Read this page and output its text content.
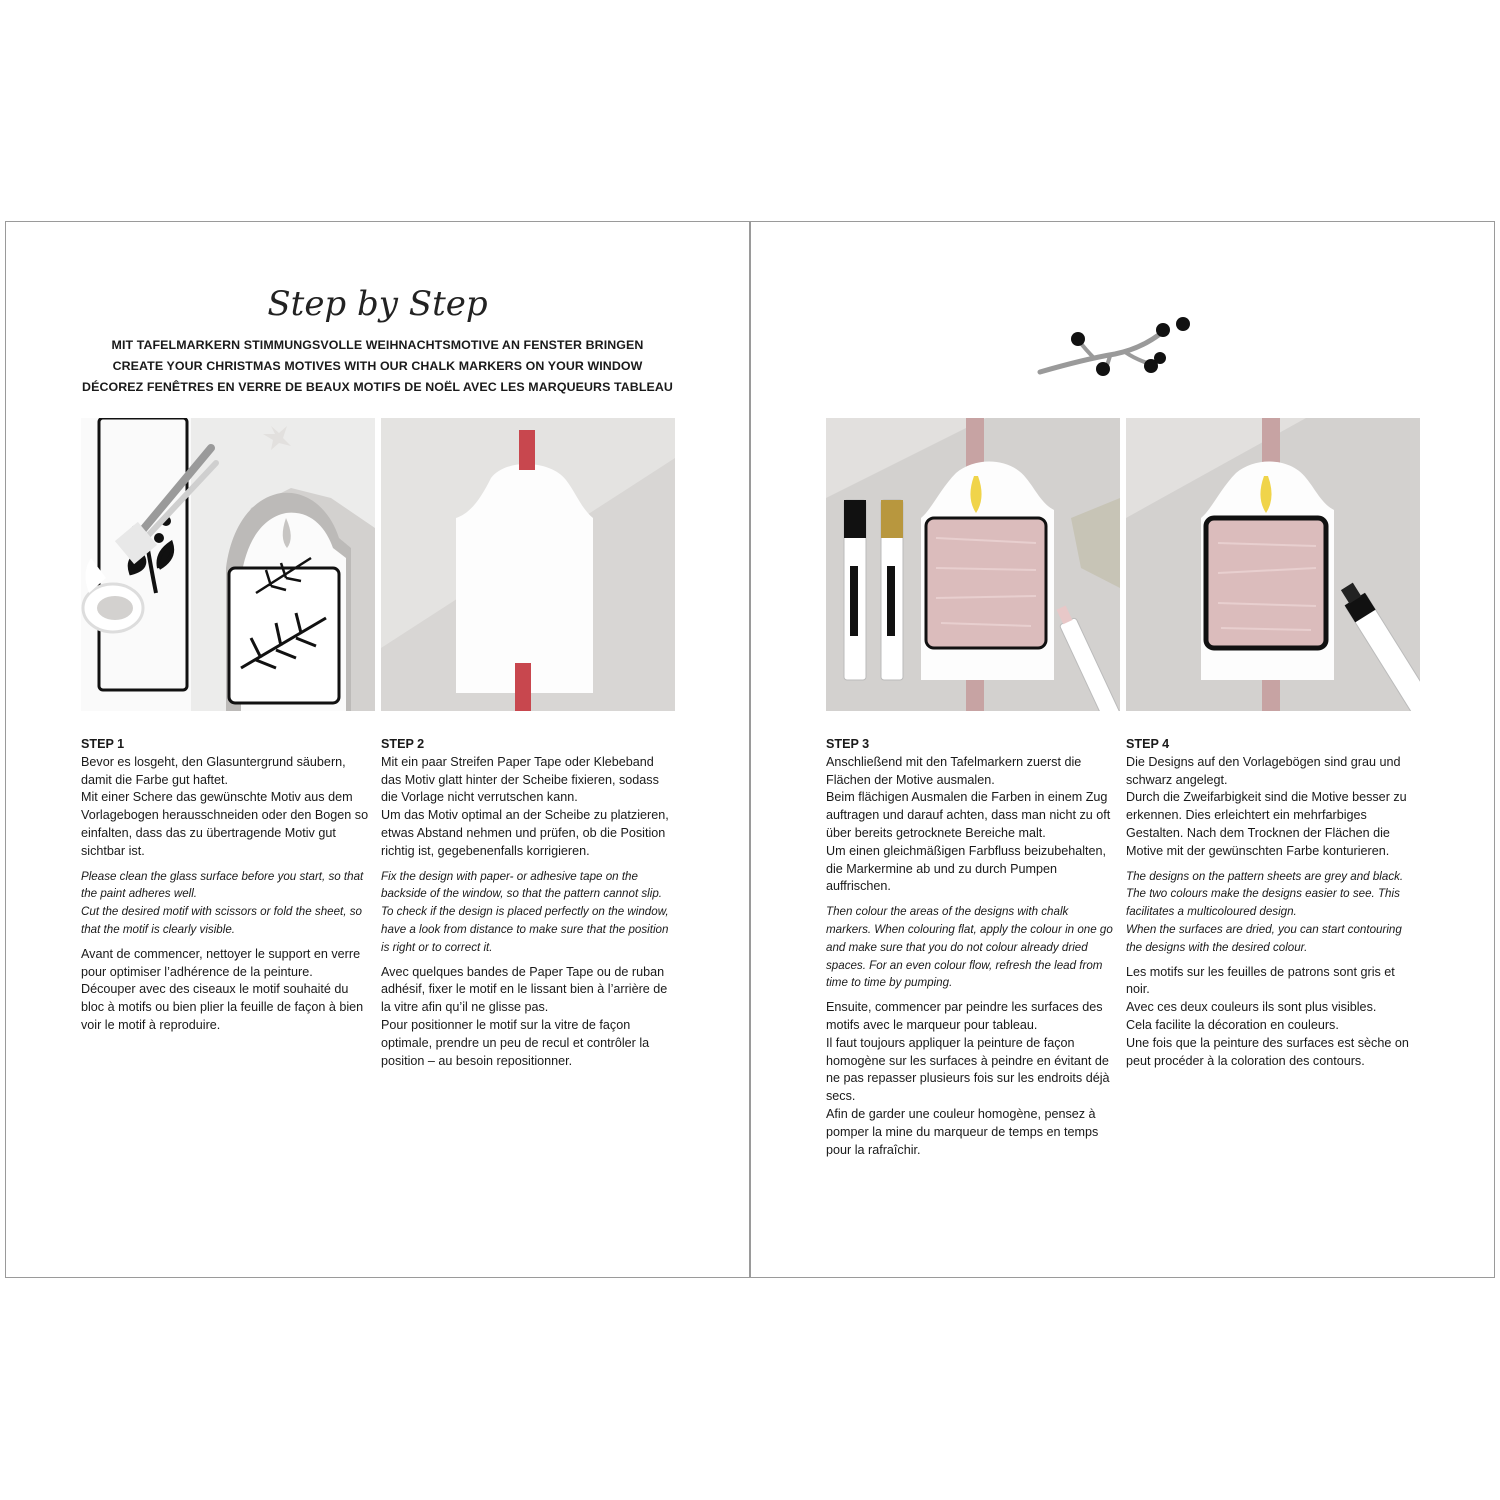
Step by Step
MIT TAFELMARKERN STIMMUNGSVOLLE WEIHNACHTSMOTIVE AN FENSTER BRINGEN
CREATE YOUR CHRISTMAS MOTIVES WITH OUR CHALK MARKERS ON YOUR WINDOW
DÉCOREZ FENÊTRES EN VERRE DE BEAUX MOTIFS DE NOËL AVEC LES MARQUEURS TABLEAU
STEP 1

Bevor es losgeht, den Glasuntergrund säubern, damit die Farbe gut haftet.
Mit einer Schere das gewünschte Motiv aus dem Vorlagebogen herausschneiden oder den Bogen so einfalten, dass das zu übertragende Motiv gut sichtbar ist.

Please clean the glass surface before you start, so that the paint adheres well.
Cut the desired motif with scissors or fold the sheet, so that the motif is clearly visible.

Avant de commencer, nettoyer le support en verre pour optimiser l’adhérence de la peinture.
Découper avec des ciseaux le motif souhaité du bloc à motifs ou bien plier la feuille de façon à bien voir le motif à reproduire.

STEP 2

Mit ein paar Streifen Paper Tape oder Klebeband das Motiv glatt hinter der Scheibe fixieren, sodass die Vorlage nicht verrutschen kann.
Um das Motiv optimal an der Scheibe zu platzieren, etwas Abstand nehmen und prüfen, ob die Position richtig ist, gegebenenfalls korrigieren.

Fix the design with paper- or adhesive tape on the backside of the window, so that the pattern cannot slip.
To check if the design is placed perfectly on the window, have a look from distance to make sure that the position is right or to correct it.

Avec quelques bandes de Paper Tape ou de ruban adhésif, fixer le motif en le lissant bien à l’arrière de la vitre afin qu’il ne glisse pas.
Pour positionner le motif sur la vitre de façon optimale, prendre un peu de recul et contrôler la position – au besoin repositionner.

STEP 3

Anschließend mit den Tafelmarkern zuerst die Flächen der Motive ausmalen.
Beim flächigen Ausmalen die Farben in einem Zug auftragen und darauf achten, dass man nicht zu oft über bereits getrocknete Bereiche malt.
Um einen gleichmäßigen Farbfluss beizubehalten, die Markermine ab und zu durch Pumpen auffrischen.

Then colour the areas of the designs with chalk markers. When colouring flat, apply the colour in one go and make sure that you do not colour already dried spaces. For an even colour flow, refresh the lead from time to time by pumping.

Ensuite, commencer par peindre les surfaces des motifs avec le marqueur pour tableau.
Il faut toujours appliquer la peinture de façon homogène sur les surfaces à peindre en évitant de ne pas repasser plusieurs fois sur les endroits déjà secs.
Afin de garder une couleur homogène, pensez à pomper la mine du marqueur de temps en temps pour la rafraîchir.

STEP 4

Die Designs auf den Vorlagebögen sind grau und schwarz angelegt.
Durch die Zweifarbigkeit sind die Motive besser zu erkennen. Dies erleichtert ein mehrfarbiges Gestalten. Nach dem Trocknen der Flächen die Motive mit der gewünschten Farbe konturieren.

The designs on the pattern sheets are grey and black. The two colours make the designs easier to see. This facilitates a multicoloured design.
When the surfaces are dried, you can start contouring the designs with the desired colour.

Les motifs sur les feuilles de patrons sont gris et noir.
Avec ces deux couleurs ils sont plus visibles.
Cela facilite la décoration en couleurs.
Une fois que la peinture des surfaces est sèche on peut procéder à la coloration des contours.
